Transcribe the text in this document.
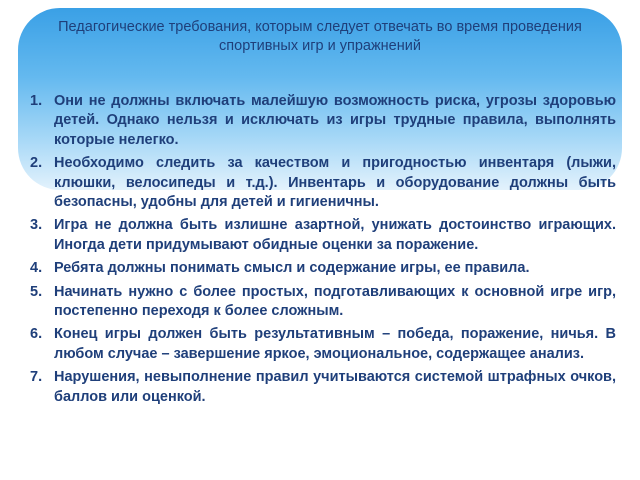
Педагогические требования, которым следует отвечать во время проведения спортивных игр и упражнений
1. Они не должны включать малейшую возможность риска, угрозы здоровью детей. Однако нельзя и исключать из игры трудные правила, выполнять которые нелегко.
2. Необходимо следить за качеством и пригодностью инвентаря (лыжи, клюшки, велосипеды и т.д.). Инвентарь и оборудование должны быть безопасны, удобны для детей и гигиеничны.
3. Игра не должна быть излишне азартной, унижать достоинство играющих. Иногда дети придумывают обидные оценки за поражение.
4. Ребята должны понимать смысл и содержание игры, ее правила.
5. Начинать нужно с более простых, подготавливающих к основной игре игр, постепенно переходя к более сложным.
6. Конец игры должен быть результативным – победа, поражение, ничья. В любом случае – завершение яркое, эмоциональное, содержащее анализ.
7. Нарушения, невыполнение правил учитываются системой штрафных очков, баллов или оценкой.
